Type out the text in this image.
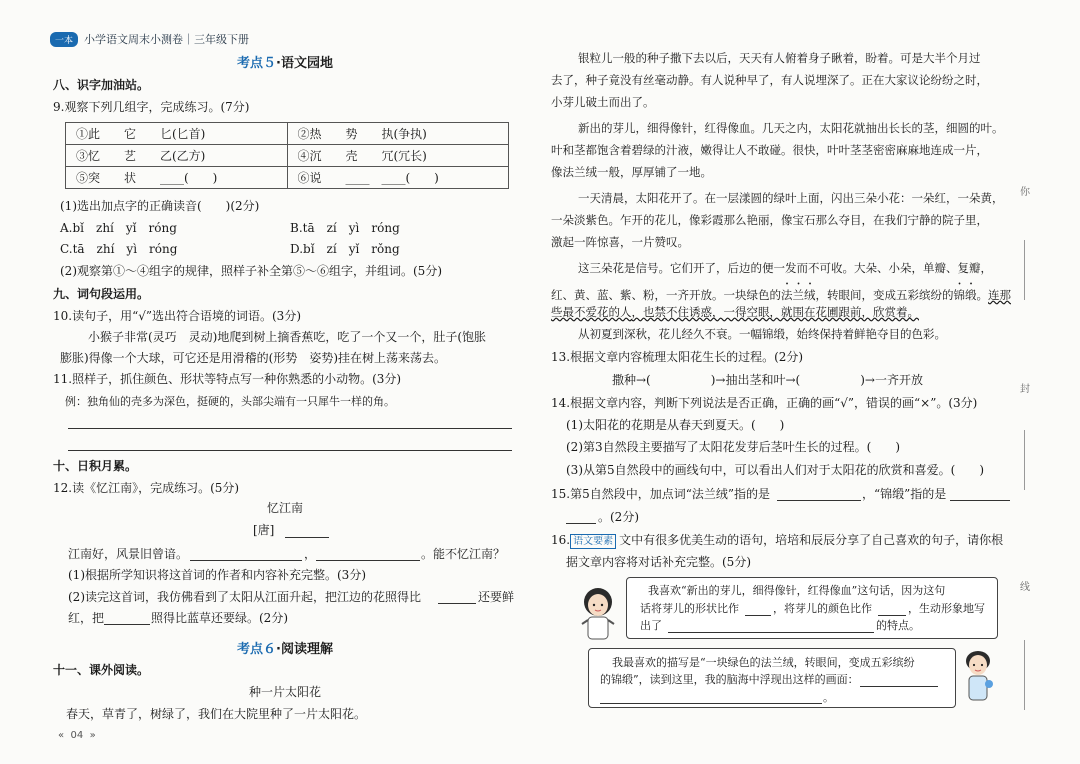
一本	小学语文周末小测卷｜三年级下册
考点５·语文园地
八、识字加油站。
9.观察下列几组字，完成练习。(7分)
①此　　它　　匕(匕首)	②热　　势　　执(争执)
③忆　　艺　　乙(乙方)	④沉　　壳　　冗(冗长)
⑤突　　状　　____(　　)	⑥说　　____　____(　　)
(1)选出加点字的正确读音(　　)(2分)
A.bǐ　zhí　yǐ　róng	B.tā　zí　yì　róng
C.tā　zhí　yì　róng	D.bǐ　zí　yǐ　rǒng
(2)观察第①～④组字的规律，照样子补全第⑤～⑥组字，并组词。(5分)
九、词句段运用。
10.读句子，用“√”选出符合语境的词语。(3分)
小猴子非常(灵巧　灵动)地爬到树上摘香蕉吃，吃了一个又一个，肚子(饱胀
膨胀)得像一个大球，可它还是用滑稽的(形势　姿势)挂在树上荡来荡去。
11.照样子，抓住颜色、形状等特点写一种你熟悉的小动物。(3分)
例：独角仙的壳多为深色，挺硬的，头部尖端有一只犀牛一样的角。
十、日积月累。
12.读《忆江南》，完成练习。(5分)
忆江南
[唐]
江南好，风景旧曾谙。	，	。能不忆江南？
(1)根据所学知识将这首词的作者和内容补充完整。(3分)
(2)读完这首词，我仿佛看到了太阳从江面升起，把江边的花照得比	还要鲜
红，把	照得比蓝草还要绿。(2分)
考点６·阅读理解
十一、课外阅读。
种一片太阳花
春天，草青了，树绿了，我们在大院里种了一片太阳花。
«  04  »
银粒儿一般的种子撒下去以后，天天有人俯着身子瞅着，盼着。可是大半个月过
去了，种子竟没有丝毫动静。有人说种早了，有人说埋深了。正在大家议论纷纷之时，
小芽儿破土而出了。
新出的芽儿，细得像针，红得像血。几天之内，太阳花就抽出长长的茎，细圆的叶。
叶和茎都饱含着碧绿的汁液，嫩得让人不敢碰。很快，叶叶茎茎密密麻麻地连成一片，
像法兰绒一般，厚厚铺了一地。
一天清晨，太阳花开了。在一层漾圆的绿叶上面，闪出三朵小花：一朵红，一朵黄，
一朵淡紫色。乍开的花儿，像彩霞那么艳丽，像宝石那么夺目，在我们宁静的院子里，
激起一阵惊喜，一片赞叹。
这三朵花是信号。它们开了，后边的便一发而不可收。大朵、小朵，单瓣、复瓣，
红、黄、蓝、紫、粉，一齐开放。一块绿色的法兰绒，转眼间，变成五彩缤纷的锦缎。连那
些最不爱花的人，也禁不住诱惑，一得空眼，就围在花圃跟前，欣赏着。
从初夏到深秋，花儿经久不衰。一幅锦缎，始终保持着鲜艳夺目的色彩。
13.根据文章内容梳理太阳花生长的过程。(2分)
撒种→(　　　　　)→抽出茎和叶→(　　　　　)→一齐开放
14.根据文章内容，判断下列说法是否正确，正确的画“√”，错误的画“×”。(3分)
(1)太阳花的花期是从春天到夏天。(　　)
(2)第3自然段主要描写了太阳花发芽后茎叶生长的过程。(　　)
(3)从第5自然段中的画线句中，可以看出人们对于太阳花的欣赏和喜爱。(　　)
15.第5自然段中，加点词“法兰绒”指的是	，“锦缎”指的是
。(2分)
16. 语文要素 文中有很多优美生动的语句，培培和辰辰分享了自己喜欢的句子，请你根
据文章内容将对话补充完整。(5分)
我喜欢“新出的芽儿，细得像针，红得像血”这句话，因为这句
话将芽儿的形状比作	，将芽儿的颜色比作	，生动形象地写
出了	的特点。
我最喜欢的描写是“一块绿色的法兰绒，转眼间，变成五彩缤纷
的锦缎”，读到这里，我的脑海中浮现出这样的画面：
。
你
封
线
